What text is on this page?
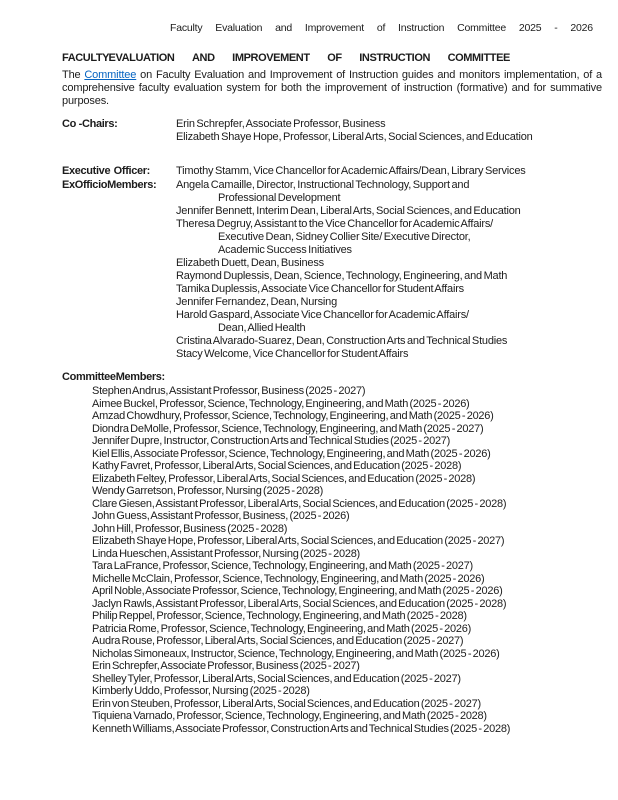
Faculty Evaluation and Improvement of Instruction Committee 2025 - 2026
FACULTY EVALUATION AND IMPROVEMENT OF INSTRUCTION COMMITTEE

The Committee on Faculty Evaluation and Improvement of Instruction guides and monitors implementation, of a comprehensive faculty evaluation system for both the improvement of instruction (formative) and for summative purposes.

Co -Chairs:	Erin Schrepfer, Associate Professor, Business
Elizabeth Shaye Hope, Professor, Liberal Arts, Social Sciences, and Education
Executive Officer: Timothy Stamm, Vice Chancellor for Academic Affairs/Dean, Library Services
Ex Officio Members: Angela Camaille, Director, Instructional Technology, Support and
Professional Development
Jennifer Bennett, Interim Dean, Liberal Arts, Social Sciences, and Education
Theresa Degruy, Assistant to the Vice Chancellor for Academic Affairs/
Executive Dean, Sidney Collier Site/ Executive Director,
Academic Success Initiatives
Elizabeth Duett, Dean, Business
Raymond Duplessis, Dean, Science, Technology, Engineering, and Math
Tamika Duplessis, Associate Vice Chancellor for Student Affairs
Jennifer Fernandez, Dean, Nursing
Harold Gaspard, Associate Vice Chancellor for Academic Affairs/
Dean, Allied Health
Cristina Alvarado-Suarez, Dean, Construction Arts and Technical Studies
Stacy Welcome, Vice Chancellor for Student Affairs
Committee Members:
Stephen Andrus, Assistant Professor, Business (2025 - 2027)
Aimee Buckel, Professor, Science, Technology, Engineering, and Math (2025 - 2026)
Amzad Chowdhury, Professor, Science, Technology, Engineering, and Math (2025 - 2026)
Diondra DeMolle, Professor, Science, Technology, Engineering, and Math (2025 - 2027)
Jennifer Dupre, Instructor, Construction Arts and Technical Studies (2025 - 2027)
Kiel Ellis, Associate Professor, Science, Technology, Engineering, and Math (2025 - 2026)
Kathy Favret, Professor, Liberal Arts, Social Sciences, and Education (2025 - 2028)
Elizabeth Feltey, Professor, Liberal Arts, Social Sciences, and Education (2025 - 2028)
Wendy Garretson, Professor, Nursing (2025 - 2028)
Clare Giesen, Assistant Professor, Liberal Arts, Social Sciences, and Education (2025 - 2028)
John Guess, Assistant Professor, Business, (2025 - 2026)
John Hill, Professor, Business (2025 - 2028)
Elizabeth Shaye Hope, Professor, Liberal Arts, Social Sciences, and Education (2025 - 2027)
Linda Hueschen, Assistant Professor, Nursing (2025 - 2028)
Tara LaFrance, Professor, Science, Technology, Engineering, and Math (2025 - 2027)
Michelle McClain, Professor, Science, Technology, Engineering, and Math (2025 - 2026)
April Noble, Associate Professor, Science, Technology, Engineering, and Math (2025 - 2026)
Jaclyn Rawls, Assistant Professor, Liberal Arts, Social Sciences, and Education (2025 - 2028)
Philip Reppel, Professor, Science, Technology, Engineering, and Math (2025 - 2028)
Patricia Rome, Professor, Science, Technology, Engineering, and Math (2025 - 2026)
Audra Rouse, Professor, Liberal Arts, Social Sciences, and Education (2025 - 2027)
Nicholas Simoneaux, Instructor, Science, Technology, Engineering, and Math (2025 - 2026)
Erin Schrepfer, Associate Professor, Business (2025 - 2027)
Shelley Tyler, Professor, Liberal Arts, Social Sciences, and Education (2025 - 2027)
Kimberly Uddo, Professor, Nursing (2025 - 2028)
Erin von Steuben, Professor, Liberal Arts, Social Sciences, and Education (2025 - 2027)
Tiquiena Varnado, Professor, Science, Technology, Engineering, and Math (2025 - 2028)
Kenneth Williams, Associate Professor, Construction Arts and Technical Studies (2025 - 2028)
